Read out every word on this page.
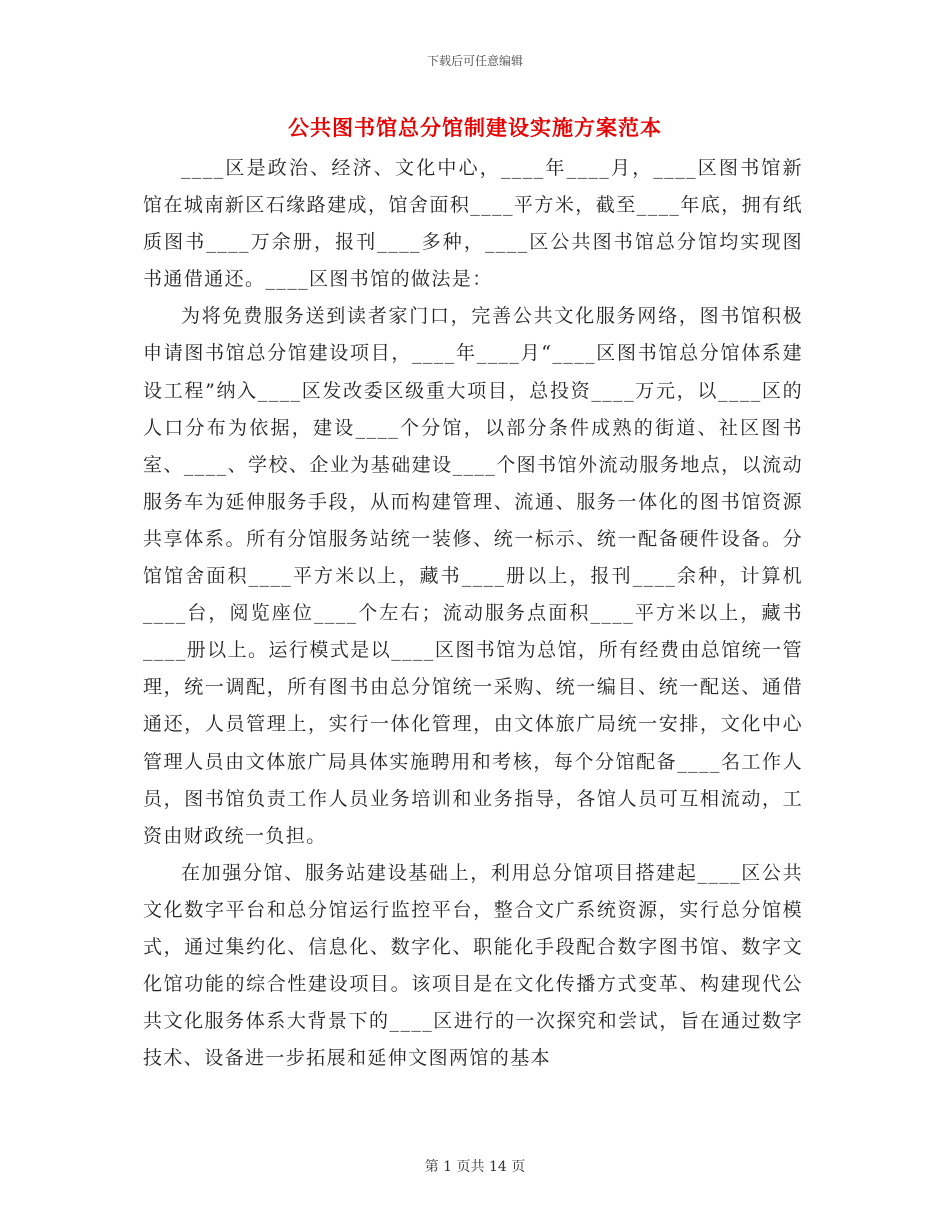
下载后可任意编辑
公共图书馆总分馆制建设实施方案范本

____区是政治、经济、文化中心，____年____月，____区图书馆新馆在城南新区石缘路建成，馆舍面积____平方米，截至____年底，拥有纸质图书____万余册，报刊____多种，____区公共图书馆总分馆均实现图书通借通还。____区图书馆的做法是：

为将免费服务送到读者家门口，完善公共文化服务网络，图书馆积极申请图书馆总分馆建设项目，____年____月“____区图书馆总分馆体系建设工程”纳入____区发改委区级重大项目，总投资____万元，以____区的人口分布为依据，建设____个分馆，以部分条件成熟的街道、社区图书室、____、学校、企业为基础建设____个图书馆外流动服务地点，以流动服务车为延伸服务手段，从而构建管理、流通、服务一体化的图书馆资源共享体系。所有分馆服务站统一装修、统一标示、统一配备硬件设备。分馆馆舍面积____平方米以上，藏书____册以上，报刊____余种，计算机____台，阅览座位____个左右；流动服务点面积____平方米以上，藏书____册以上。运行模式是以____区图书馆为总馆，所有经费由总馆统一管理，统一调配，所有图书由总分馆统一采购、统一编目、统一配送、通借通还，人员管理上，实行一体化管理，由文体旅广局统一安排，文化中心管理人员由文体旅广局具体实施聘用和考核，每个分馆配备____名工作人员，图书馆负责工作人员业务培训和业务指导，各馆人员可互相流动，工资由财政统一负担。

在加强分馆、服务站建设基础上，利用总分馆项目搭建起____区公共文化数字平台和总分馆运行监控平台，整合文广系统资源，实行总分馆模式，通过集约化、信息化、数字化、职能化手段配合数字图书馆、数字文化馆功能的综合性建设项目。该项目是在文化传播方式变革、构建现代公共文化服务体系大背景下的____区进行的一次探究和尝试，旨在通过数字技术、设备进一步拓展和延伸文图两馆的基本

第 1 页共 14 页
